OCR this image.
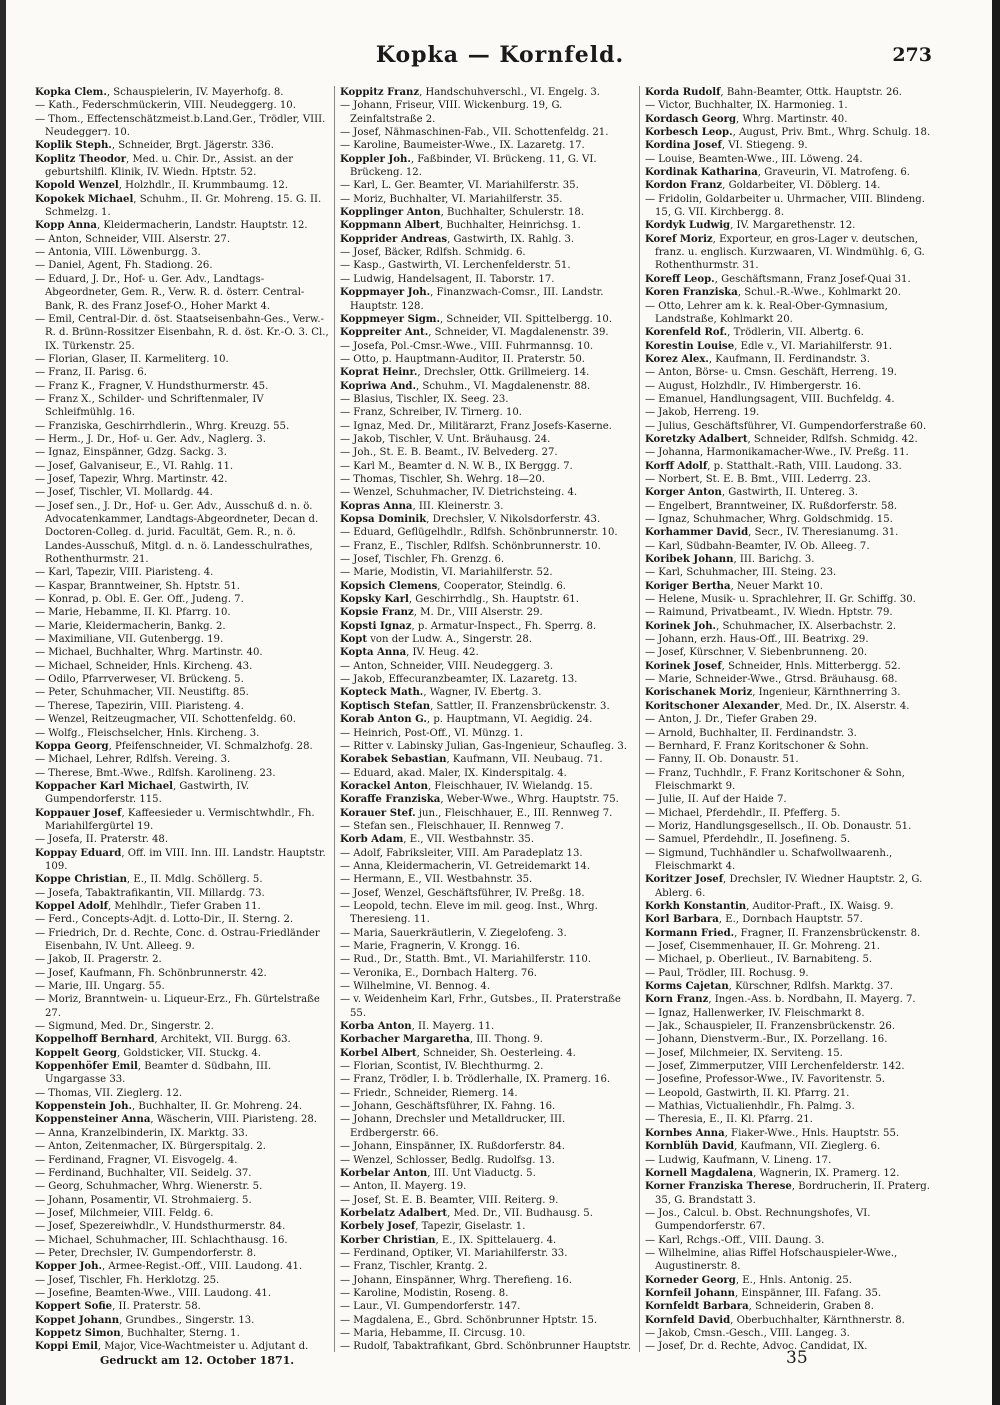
Kopka — Kornfeld.	273

Kopka Clem., Schauspielerin, IV. Mayerhofg. 8.

— Kath., Federschmückerin, VIII. Neudeggerg. 10.

— Thom., Effectenschätzmeist.b.Land.Ger., Trödler, VIII. Neudegger⁊. 10.

Koplik Steph., Schneider, Brgt. Jägerstr. 336.

Koplitz Theodor, Med. u. Chir. Dr., Assist. an der geburtshilfl. Klinik, IV. Wiedn. Hptstr. 52.

Kopold Wenzel, Holzhdlr., II. Krummbaumg. 12.

Kopokek Michael, Schuhm., II. Gr. Mohreng. 15. G. II. Schmelzg. 1.

Kopp Anna, Kleidermacherin, Landstr. Hauptstr. 12.

— Anton, Schneider, VIII. Alserstr. 27.

— Antonia, VIII. Löwenburgg. 3.

— Daniel, Agent, Fh. Stadiong. 26.

— Eduard, J. Dr., Hof- u. Ger. Adv., Landtags-Abgeordneter, Gem. R., Verw. R. d. österr. Central-Bank, R. des Franz Josef-O., Hoher Markt 4.

— Emil, Central-Dir. d. öst. Staatseisenbahn-Ges., Verw.-R. d. Brünn-Rossitzer Eisenbahn, R. d. öst. Kr.-O. 3. Cl., IX. Türkenstr. 25.

— Florian, Glaser, II. Karmeliterg. 10.

— Franz, II. Parisg. 6.

— Franz K., Fragner, V. Hundsthurmerstr. 45.

— Franz X., Schilder- und Schriftenmaler, IV Schleifmühlg. 16.

— Franziska, Geschirrhdlerin., Whrg. Kreuzg. 55.

— Herm., J. Dr., Hof- u. Ger. Adv., Naglerg. 3.

— Ignaz, Einspänner, Gdzg. Sackg. 3.

— Josef, Galvaniseur, E., VI. Rahlg. 11.

— Josef, Tapezir, Whrg. Martinstr. 42.

— Josef, Tischler, VI. Mollardg. 44.

— Josef sen., J. Dr., Hof- u. Ger. Adv., Ausschuß d. n. ö. Advocatenkammer, Landtags-Abgeordneter, Decan d. Doctoren-Colleg. d. jurid. Facultät, Gem. R., n. ö. Landes-Ausschuß, Mitgl. d. n. ö. Landesschulrathes, Rothenthurmstr. 21.

— Karl, Tapezir, VIII. Piaristeng. 4.

— Kaspar, Branntweiner, Sh. Hptstr. 51.

— Konrad, p. Obl. E. Ger. Off., Judeng. 7.

— Marie, Hebamme, II. Kl. Pfarrg. 10.

— Marie, Kleidermacherin, Bankg. 2.

— Maximiliane, VII. Gutenbergg. 19.

— Michael, Buchhalter, Whrg. Martinstr. 40.

— Michael, Schneider, Hnls. Kircheng. 43.

— Odilo, Pfarrverweser, VI. Brückeng. 5.

— Peter, Schuhmacher, VII. Neustiftg. 85.

— Therese, Tapezirin, VIII. Piaristeng. 4.

— Wenzel, Reitzeugmacher, VII. Schottenfeldg. 60.

— Wolfg., Fleischselcher, Hnls. Kircheng. 3.

Koppa Georg, Pfeifenschneider, VI. Schmalzhofg. 28.

— Michael, Lehrer, Rdlfsh. Vereing. 3.

— Therese, Bmt.-Wwe., Rdlfsh. Karolineng. 23.

Koppacher Karl Michael, Gastwirth, IV. Gumpendorferstr. 115.

Koppauer Josef, Kaffeesieder u. Vermischtwhdlr., Fh. Mariahilfergürtel 19.

— Josefa, II. Praterstr. 48.

Koppay Eduard, Off. im VIII. Inn. III. Landstr. Hauptstr. 109.

Koppe Christian, E., II. Mdlg. Schöllerg. 5.

— Josefa, Tabaktrafikantin, VII. Millardg. 73.

Koppel Adolf, Mehlhdlr., Tiefer Graben 11.

— Ferd., Concepts-Adjt. d. Lotto-Dir., II. Sterng. 2.

— Friedrich, Dr. d. Rechte, Conc. d. Ostrau-Friedländer Eisenbahn, IV. Unt. Alleeg. 9.

— Jakob, II. Pragerstr. 2.

— Josef, Kaufmann, Fh. Schönbrunnerstr. 42.

— Marie, III. Ungarg. 55.

— Moriz, Branntwein- u. Liqueur-Erz., Fh. Gürtelstraße 27.

— Sigmund, Med. Dr., Singerstr. 2.

Koppelhoff Bernhard, Architekt, VII. Burgg. 63.

Koppelt Georg, Goldsticker, VII. Stuckg. 4.

Koppenhöfer Emil, Beamter d. Südbahn, III. Ungargasse 33.

— Thomas, VII. Zieglerg. 12.

Koppenstein Joh., Buchhalter, II. Gr. Mohreng. 24.

Koppensteiner Anna, Wäscherin, VIII. Piaristeng. 28.

— Anna, Kranzelbinderin, IX. Marktg. 33.

— Anton, Zeitenmacher, IX. Bürgerspitalg. 2.

— Ferdinand, Fragner, VI. Eisvogelg. 4.

— Ferdinand, Buchhalter, VII. Seidelg. 37.

— Georg, Schuhmacher, Whrg. Wienerstr. 5.

— Johann, Posamentir, VI. Strohmaierg. 5.

— Josef, Milchmeier, VIII. Feldg. 6.

— Josef, Spezereiwhdlr., V. Hundsthurmerstr. 84.

— Michael, Schuhmacher, III. Schlachthausg. 16.

— Peter, Drechsler, IV. Gumpendorferstr. 8.

Kopper Joh., Armee-Regist.-Off., VIII. Laudong. 41.

— Josef, Tischler, Fh. Herklotzg. 25.

— Josefine, Beamten-Wwe., VIII. Laudong. 41.

Koppert Sofie, II. Praterstr. 58.

Koppet Johann, Grundbes., Singerstr. 13.

Koppetz Simon, Buchhalter, Sterng. 1.

Koppi Emil, Major, Vice-Wachtmeister u. Adjutant d.

Koppitz Franz, Handschuhverschl., VI. Engelg. 3.

— Johann, Friseur, VIII. Wickenburg. 19, G. Zeinfaltstraße 2.

— Josef, Nähmaschinen-Fab., VII. Schottenfeldg. 21.

— Karoline, Baumeister-Wwe., IX. Lazaretg. 17.

Koppler Joh., Faßbinder, VI. Brückeng. 11, G. VI. Brückeng. 12.

— Karl, L. Ger. Beamter, VI. Mariahilferstr. 35.

— Moriz, Buchhalter, VI. Mariahilferstr. 35.

Kopplinger Anton, Buchhalter, Schulerstr. 18.

Koppmann Albert, Buchhalter, Heinrichsg. 1.

Kopprider Andreas, Gastwirth, IX. Rahlg. 3.

— Josef, Bäcker, Rdlfsh. Schmidg. 6.

— Kasp., Gastwirth, VI. Lerchenfelderstr. 51.

— Ludwig, Handelsagent, II. Taborstr. 17.

Koppmayer Joh., Finanzwach-Comsr., III. Landstr. Hauptstr. 128.

Koppmeyer Sigm., Schneider, VII. Spittelbergg. 10.

Koppreiter Ant., Schneider, VI. Magdalenenstr. 39.

— Josefa, Pol.-Cmsr.-Wwe., VIII. Fuhrmannsg. 10.

— Otto, p. Hauptmann-Auditor, II. Praterstr. 50.

Koprat Heinr., Drechsler, Ottk. Grillmeierg. 14.

Kopriwa And., Schuhm., VI. Magdalenenstr. 88.

— Blasius, Tischler, IX. Seeg. 23.

— Franz, Schreiber, IV. Tirnerg. 10.

— Ignaz, Med. Dr., Militärarzt, Franz Josefs-Kaserne.

— Jakob, Tischler, V. Unt. Bräuhausg. 24.

— Joh., St. E. B. Beamt., IV. Belvederg. 27.

— Karl M., Beamter d. N. W. B., IX Berggg. 7.

— Thomas, Tischler, Sh. Wehrg. 18—20.

— Wenzel, Schuhmacher, IV. Dietrichsteing. 4.

Kopras Anna, III. Kleinerstr. 3.

Kopsa Dominik, Drechsler, V. Nikolsdorferstr. 43.

— Eduard, Geflügelhdlr., Rdlfsh. Schönbrunnerstr. 10.

— Franz, E., Tischler, Rdlfsh. Schönbrunnerstr. 10.

— Josef, Tischler, Fh. Grenzg. 6.

— Marie, Modistin, VI. Mariahilferstr. 52.

Kopsich Clemens, Cooperator, Steindlg. 6.

Kopsky Karl, Geschirrhdlg., Sh. Hauptstr. 61.

Kopsie Franz, M. Dr., VIII Alserstr. 29.

Kopsti Ignaz, p. Armatur-Inspect., Fh. Sperrg. 8.

Kopt von der Ludw. A., Singerstr. 28.

Kopta Anna, IV. Heug. 42.

— Anton, Schneider, VIII. Neudeggerg. 3.

— Jakob, Effecuranzbeamter, IX. Lazaretg. 13.

Kopteck Math., Wagner, IV. Ebertg. 3.

Koptisch Stefan, Sattler, II. Franzensbrückenstr. 3.

Korab Anton G., p. Hauptmann, VI. Aegidig. 24.

— Heinrich, Post-Off., VI. Münzg. 1.

— Ritter v. Labinsky Julian, Gas-Ingenieur, Schaufleg. 3.

Korabek Sebastian, Kaufmann, VII. Neubaug. 71.

— Eduard, akad. Maler, IX. Kinderspitalg. 4.

Korackel Anton, Fleischhauer, IV. Wielandg. 15.

Koraffe Franziska, Weber-Wwe., Whrg. Hauptstr. 75.

Korauer Stef. jun., Fleischhauer, E., III. Rennweg 7.

— Stefan sen., Fleischhauer, II. Rennweg 7.

Korb Adam, E., VII. Westbahnstr. 35.

— Adolf, Fabriksleiter, VIII. Am Paradeplatz 13.

— Anna, Kleidermacherin, VI. Getreidemarkt 14.

— Hermann, E., VII. Westbahnstr. 35.

— Josef, Wenzel, Geschäftsführer, IV. Preßg. 18.

— Leopold, techn. Eleve im mil. geog. Inst., Whrg. Theresieng. 11.

— Maria, Sauerkräutlerin, V. Ziegelofeng. 3.

— Marie, Fragnerin, V. Krongg. 16.

— Rud., Dr., Statth. Bmt., VI. Mariahilferstr. 110.

— Veronika, E., Dornbach Halterg. 76.

— Wilhelmine, VI. Bennog. 4.

— v. Weidenheim Karl, Frhr., Gutsbes., II. Praterstraße 55.

Korba Anton, II. Mayerg. 11.

Korbacher Margaretha, III. Thong. 9.

Korbel Albert, Schneider, Sh. Oesterleing. 4.

— Florian, Scontist, IV. Blechthurmg. 2.

— Franz, Trödler, I. b. Trödlerhalle, IX. Pramerg. 16.

— Friedr., Schneider, Riemerg. 14.

— Johann, Geschäftsführer, IX. Fahng. 16.

— Johann, Drechsler und Metalldrucker, III. Erdbergerstr. 66.

— Johann, Einspänner, IX. Rußdorferstr. 84.

— Wenzel, Schlosser, Bedlg. Rudolfsg. 13.

Korbelar Anton, III. Unt Viaductg. 5.

— Anton, II. Mayerg. 19.

— Josef, St. E. B. Beamter, VIII. Reiterg. 9.

Korbelatz Adalbert, Med. Dr., VII. Budhausg. 5.

Korbely Josef, Tapezir, Giselastr. 1.

Korber Christian, E., IX. Spittelauerg. 4.

— Ferdinand, Optiker, VI. Mariahilferstr. 33.

— Franz, Tischler, Krantg. 2.

— Johann, Einspänner, Whrg. Therefieng. 16.

— Karoline, Modistin, Roseng. 8.

— Laur., VI. Gumpendorferstr. 147.

— Magdalena, E., Gbrd. Schönbrunner Hptstr. 15.

— Maria, Hebamme, II. Circusg. 10.

— Rudolf, Tabaktrafikant, Gbrd. Schönbrunner Hauptstr.

Korda Rudolf, Bahn-Beamter, Ottk. Hauptstr. 26.

— Victor, Buchhalter, IX. Harmonieg. 1.

Kordasch Georg, Whrg. Martinstr. 40.

Korbesch Leop., August, Priv. Bmt., Whrg. Schulg. 18.

Kordina Josef, VI. Stiegeng. 9.

— Louise, Beamten-Wwe., III. Löweng. 24.

Kordinak Katharina, Graveurin, VI. Matrofeng. 6.

Kordon Franz, Goldarbeiter, VI. Döblerg. 14.

— Fridolin, Goldarbeiter u. Uhrmacher, VIII. Blindeng. 15, G. VII. Kirchbergg. 8.

Kordyk Ludwig, IV. Margarethenstr. 12.

Koref Moriz, Exporteur, en gros-Lager v. deutschen, franz. u. englisch. Kurzwaaren, VI. Windmühlg. 6, G. Rothenthurmstr. 31.

Koreff Leop., Geschäftsmann, Franz Josef-Quai 31.

Koren Franziska, Schul.-R.-Wwe., Kohlmarkt 20.

— Otto, Lehrer am k. k. Real-Ober-Gymnasium, Landstraße, Kohlmarkt 20.

Korenfeld Rof., Trödlerin, VII. Albertg. 6.

Korestin Louise, Edle v., VI. Mariahilferstr. 91.

Korez Alex., Kaufmann, II. Ferdinandstr. 3.

— Anton, Börse- u. Cmsn. Geschäft, Herreng. 19.

— August, Holzhdlr., IV. Himbergerstr. 16.

— Emanuel, Handlungsagent, VIII. Buchfeldg. 4.

— Jakob, Herreng. 19.

— Julius, Geschäftsführer, VI. Gumpendorferstraße 60.

Koretzky Adalbert, Schneider, Rdlfsh. Schmidg. 42.

— Johanna, Harmonikamacher-Wwe., IV. Preßg. 11.

Korff Adolf, p. Statthalt.-Rath, VIII. Laudong. 33.

— Norbert, St. E. B. Bmt., VIII. Lederrg. 23.

Korger Anton, Gastwirth, II. Untereg. 3.

— Engelbert, Branntweiner, IX. Rußdorferstr. 58.

— Ignaz, Schuhmacher, Whrg. Goldschmidg. 15.

Korhammer David, Secr., IV. Theresianumg. 31.

— Karl, Südbahn-Beamter, IV. Ob. Alleeg. 7.

Koribek Johann, III. Barichg. 3.

— Karl, Schuhmacher, III. Steing. 23.

Koriger Bertha, Neuer Markt 10.

— Helene, Musik- u. Sprachlehrer, II. Gr. Schiffg. 30.

— Raimund, Privatbeamt., IV. Wiedn. Hptstr. 79.

Korinek Joh., Schuhmacher, IX. Alserbachstr. 2.

— Johann, erzh. Haus-Off., III. Beatrixg. 29.

— Josef, Kürschner, V. Siebenbrunneng. 20.

Korinek Josef, Schneider, Hnls. Mitterbergg. 52.

— Marie, Schneider-Wwe., Gtrsd. Bräuhausg. 68.

Korischanek Moriz, Ingenieur, Kärnthnerring 3.

Koritschoner Alexander, Med. Dr., IX. Alserstr. 4.

— Anton, J. Dr., Tiefer Graben 29.

— Arnold, Buchhalter, II. Ferdinandstr. 3.

— Bernhard, F. Franz Koritschoner & Sohn.

— Fanny, II. Ob. Donaustr. 51.

— Franz, Tuchhdlr., F. Franz Koritschoner & Sohn, Fleischmarkt 9.

— Julie, II. Auf der Haide 7.

— Michael, Pferdehdlr., II. Pfefferg. 5.

— Moriz, Handlungsgesellsch., II. Ob. Donaustr. 51.

— Samuel, Pferdehdlr., II. Josefineng. 5.

— Sigmund, Tuchhändler u. Schafwollwaarenh., Fleischmarkt 4.

Koritzer Josef, Drechsler, IV. Wiedner Hauptstr. 2, G. Ablerg. 6.

Korkh Konstantin, Auditor-Praft., IX. Waisg. 9.

Korl Barbara, E., Dornbach Hauptstr. 57.

Kormann Fried., Fragner, II. Franzensbrückenstr. 8.

— Josef, Cisemmenhauer, II. Gr. Mohreng. 21.

— Michael, p. Oberlieut., IV. Barnabiteng. 5.

— Paul, Trödler, III. Rochusg. 9.

Korms Cajetan, Kürschner, Rdlfsh. Marktg. 37.

Korn Franz, Ingen.-Ass. b. Nordbahn, II. Mayerg. 7.

— Ignaz, Hallenwerker, IV. Fleischmarkt 8.

— Jak., Schauspieler, II. Franzensbrückenstr. 26.

— Johann, Dienstverm.-Bur., IX. Porzellang. 16.

— Josef, Milchmeier, IX. Serviteng. 15.

— Josef, Zimmerputzer, VIII Lerchenfelderstr. 142.

— Josefine, Professor-Wwe., IV. Favoritenstr. 5.

— Leopold, Gastwirth, II. Kl. Pfarrg. 21.

— Mathias, Victualienhdlr., Fh. Palmg. 3.

— Theresia, E., II. Kl. Pfarrg. 21.

Kornbes Anna, Fiaker-Wwe., Hnls. Hauptstr. 55.

Kornblüh David, Kaufmann, VII. Zieglerg. 6.

— Ludwig, Kaufmann, V. Lineng. 17.

Kornell Magdalena, Wagnerin, IX. Pramerg. 12.

Korner Franziska Therese, Bordrucherin, II. Praterg. 35, G. Brandstatt 3.

— Jos., Calcul. b. Obst. Rechnungshofes, VI. Gumpendorferstr. 67.

— Karl, Rchgs.-Off., VIII. Daung. 3.

— Wilhelmine, alias Riffel Hofschauspieler-Wwe., Augustinerstr. 8.

Korneder Georg, E., Hnls. Antonig. 25.

Kornfeil Johann, Einspänner, III. Fafang. 35.

Kornfeldt Barbara, Schneiderin, Graben 8.

Kornfeld David, Oberbuchhalter, Kärnthnerstr. 8.

— Jakob, Cmsn.-Gesch., VIII. Langeg. 3.

— Josef, Dr. d. Rechte, Advoc. Candidat, IX.

Gedruckt am 12. October 1871.	35
